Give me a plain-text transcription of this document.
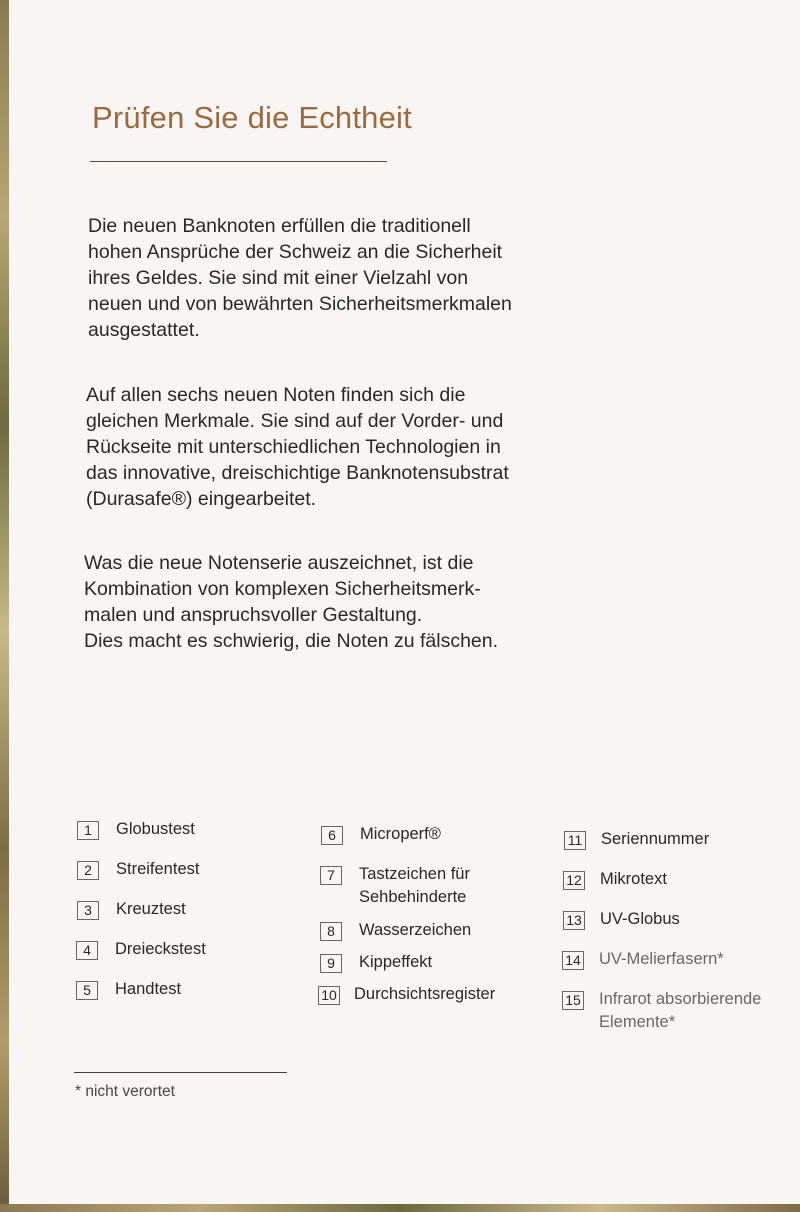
Prüfen Sie die Echtheit

Die neuen Banknoten erfüllen die traditionell
hohen Ansprüche der Schweiz an die Sicherheit
ihres Geldes. Sie sind mit einer Vielzahl von
neuen und von bewährten Sicherheitsmerkmalen
ausgestattet.

Auf allen sechs neuen Noten finden sich die
gleichen Merkmale. Sie sind auf der Vorder- und
Rückseite mit unterschiedlichen Technologien in
das innovative, dreischichtige Banknotensubstrat
(Durasafe®) eingearbeitet.

Was die neue Notenserie auszeichnet, ist die
Kombination von komplexen Sicherheitsmerk-
malen und anspruchsvoller Gestaltung.
Dies macht es schwierig, die Noten zu fälschen.

1	Globustest
2	Streifentest
3	Kreuztest
4	Dreieckstest
5	Handtest
6	Microperf®
7	Tastzeichen für
Sehbehinderte
8	Wasserzeichen
9	Kippeffekt
10 Durchsichtsregister
11 Seriennummer
12 Mikrotext
13 UV-Globus
14 UV-Melierfasern*
15 Infrarot absorbierende
Elemente*
* nicht verortet
